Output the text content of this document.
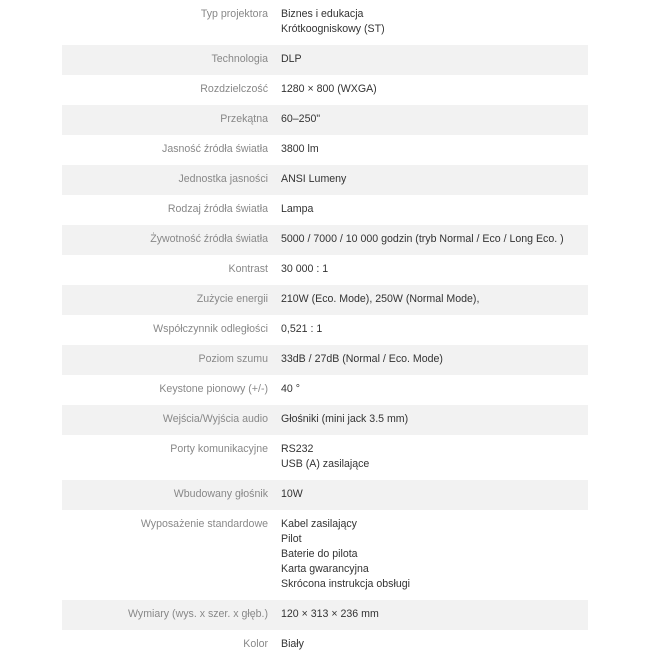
Typ projektora	Biznes i edukacja
Krótkoogniskowy (ST)

Technologia	DLP

Rozdzielczość	1280 × 800 (WXGA)

Przekątna	60–250"

Jasność źródła światła	3800 lm

Jednostka jasności	ANSI Lumeny

Rodzaj źródła światła	Lampa

Żywotność źródła światła	5000 / 7000 / 10 000 godzin (tryb Normal / Eco / Long Eco. )

Kontrast	30 000 : 1

Zużycie energii	210W (Eco. Mode), 250W (Normal Mode),

Współczynnik odległości	0,521 : 1

Poziom szumu	33dB / 27dB (Normal / Eco. Mode)

Keystone pionowy (+/-)	40 °

Wejścia/Wyjścia audio	Głośniki (mini jack 3.5 mm)

Porty komunikacyjne	RS232
USB (A) zasilające

Wbudowany głośnik	10W

Wyposażenie standardowe	Kabel zasilający
Pilot
Baterie do pilota
Karta gwarancyjna
Skrócona instrukcja obsługi

Wymiary (wys. x szer. x głęb.)	120 × 313 × 236 mm

Kolor	Biały
